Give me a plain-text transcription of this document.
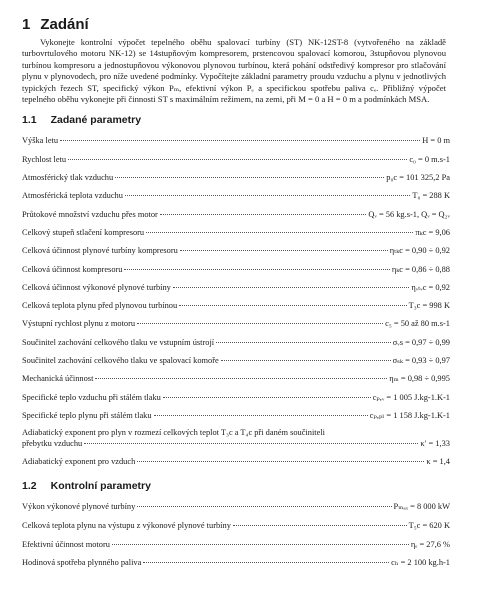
1 Zadání

Vykonejte kontrolní výpočet tepelného oběhu spalovací turbíny (ST) NK-12ST-8 (vytvořeného na základě turbovrtulového motoru NK-12) se 14stupňovým kompresorem, prstencovou spalovací komorou, 3stupňovou plynovou turbínou kompresoru a jednostupňovou výkonovou plynovou turbínou, která pohání odstředivý kompresor pro stlačování plynu v plynovodech, pro níže uvedené podmínky. Vypočítejte základní parametry proudu vzduchu a plynu v jednotlivých typických řezech ST, specifický výkon Pₘ, efektivní výkon Pₑ a specifickou spotřebu paliva cₑ. Přibližný výpočet tepelného oběhu vykonejte při činnosti ST s maximálním režimem, na zemi, při M = 0 a H = 0 m a podmínkách MSA.

1.1 Zadané parametry
Výška letu	H = 0 m
Rychlost letu	c₀ = 0 m.s-1
Atmosférický tlak vzduchu	p₀c = 101 325,2 Pa
Atmosférická teplota vzduchu	T₀ = 288 K
Průtokové množství vzduchu přes motor	Qᵥ = 56 kg.s-1, Qᵥ = Q₂ᵥ
Celkový stupeň stlačení kompresoru	πₖc = 9,06
Celková účinnost plynové turbíny kompresoru	ηₜₖc = 0,90 ÷ 0,92
Celková účinnost kompresoru	ηₖc = 0,86 ÷ 0,88
Celková účinnost výkonové plynové turbíny	ηᵥₜᵥc = 0,92
Celková teplota plynu před plynovou turbínou	T₃c = 998 K
Výstupní rychlost plynu z motoru	c₅ = 50 až 80 m.s-1
Součinitel zachování celkového tlaku ve vstupním ústrojí	σᵥs = 0,97 ÷ 0,99
Součinitel zachování celkového tlaku ve spalovací komoře	σₛₖ = 0,93 ÷ 0,97
Mechanická účinnost	ηₘ = 0,98 ÷ 0,995
Specifické teplo vzduchu při stálém tlaku	cₚ,ᵥ = 1 005 J.kg-1.K-1
Specifické teplo plynu při stálém tlaku	cₚ,ₚₗ = 1 158 J.kg-1.K-1
Adiabatický exponent pro plyn v rozmezí celkových teplot T₃c a T₄c při daném součiniteli
přebytku vzduchu	κ′ = 1,33
Adiabatický exponent pro vzduch	κ = 1,4
1.2 Kontrolní parametry
Výkon výkonové plynové turbíny	Pₘₐₓ = 8 000 kW
Celková teplota plynu na výstupu z výkonové plynové turbíny	T₅c = 620 K
Efektivní účinnost motoru	ηₑ = 27,6 %
Hodinová spotřeba plynného paliva	cₕ = 2 100 kg.h-1
